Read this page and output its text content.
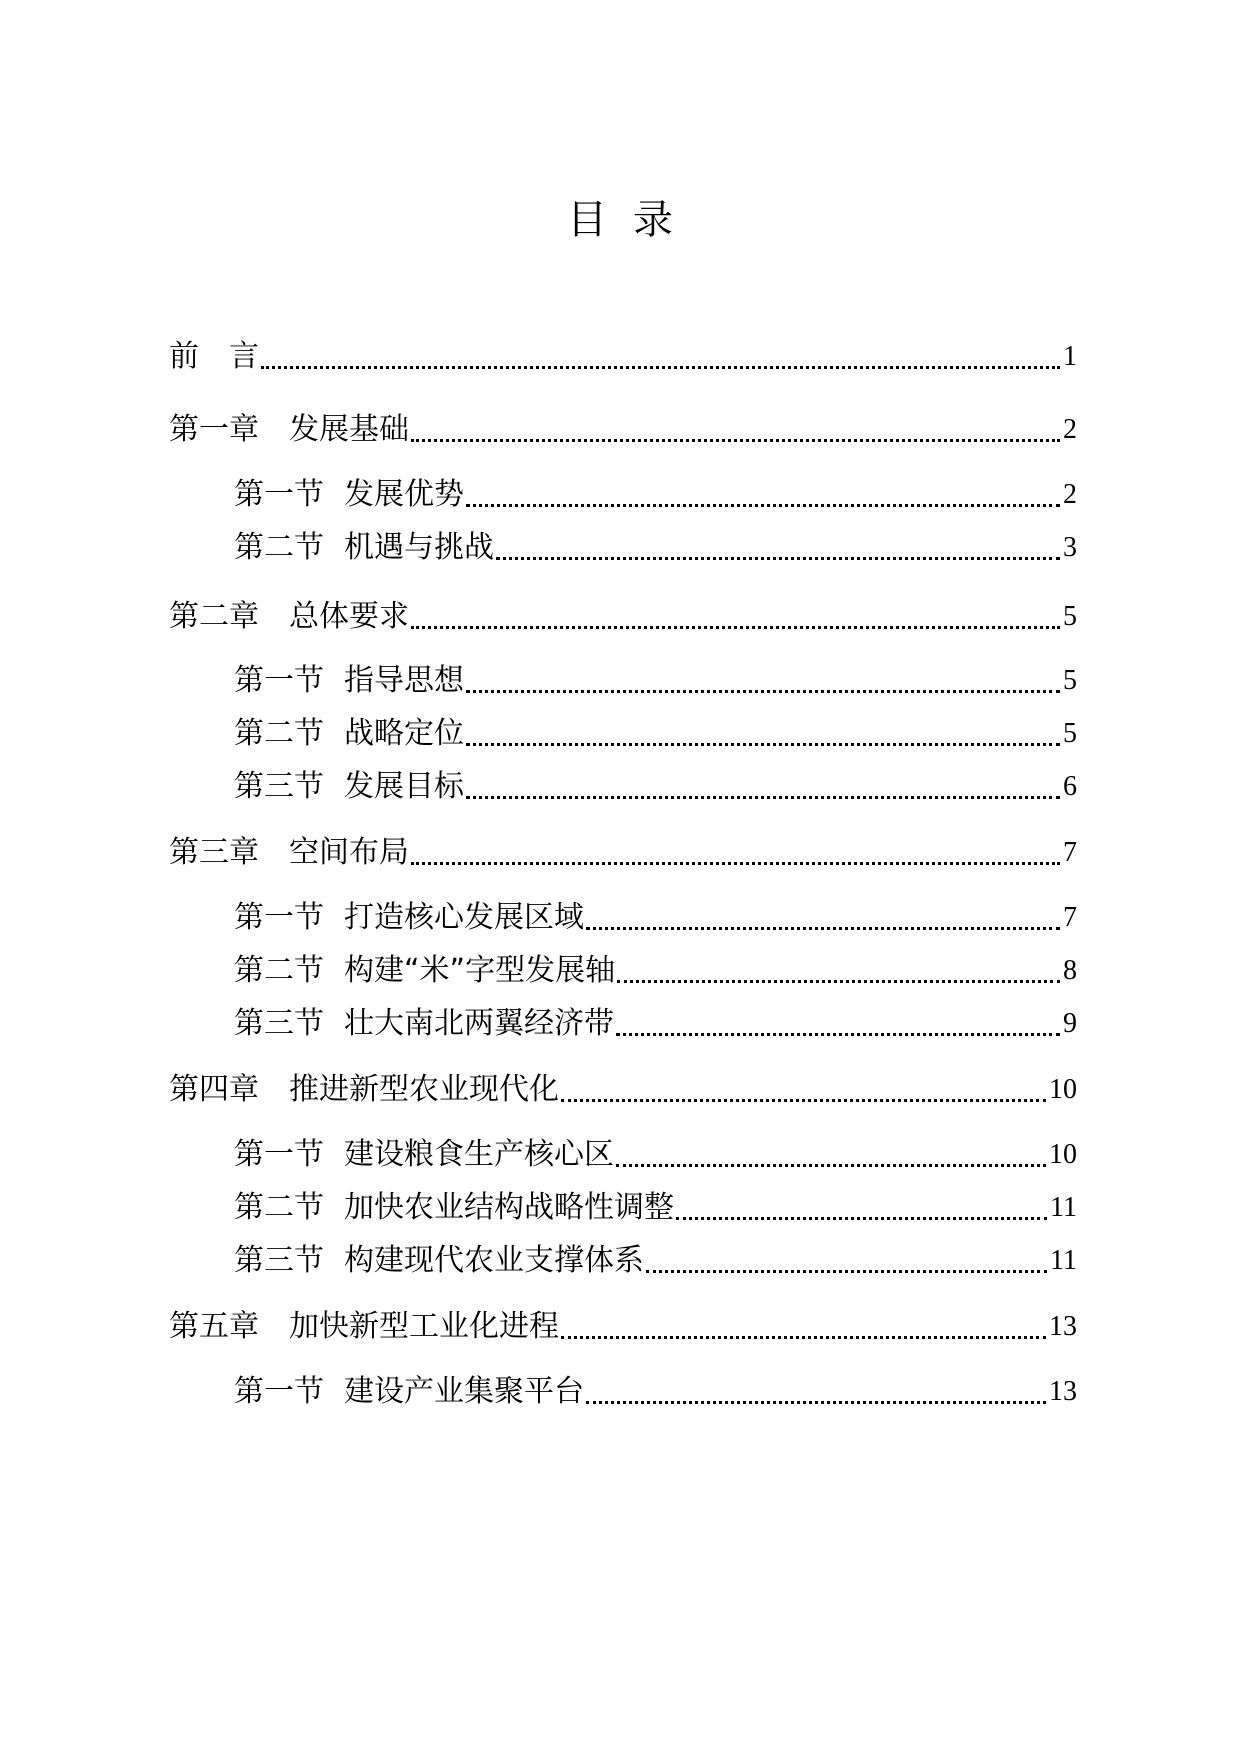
目 录
前 言	1
第一章 发展基础	2
第一节 发展优势	2
第二节 机遇与挑战	3
第二章 总体要求	5
第一节 指导思想	5
第二节 战略定位	5
第三节 发展目标	6
第三章 空间布局	7
第一节 打造核心发展区域	7
第二节 构建“米”字型发展轴	8
第三节 壮大南北两翼经济带	9
第四章 推进新型农业现代化	10
第一节 建设粮食生产核心区	10
第二节 加快农业结构战略性调整	11
第三节 构建现代农业支撑体系	11
第五章 加快新型工业化进程	13
第一节 建设产业集聚平台	13
